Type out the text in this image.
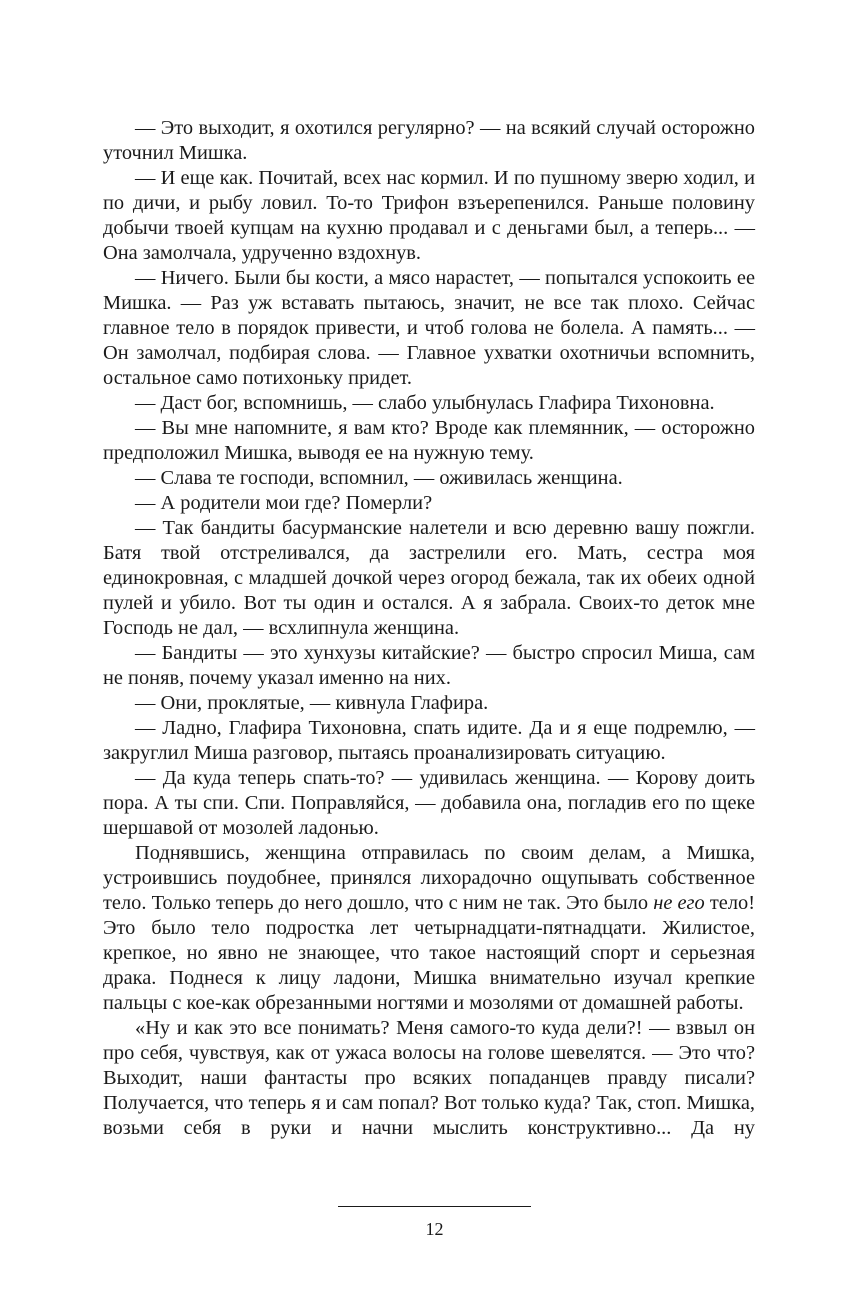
— Это выходит, я охотился регулярно? — на всякий случай осторожно уточнил Мишка.

— И еще как. Почитай, всех нас кормил. И по пушному зверю ходил, и по дичи, и рыбу ловил. То-то Трифон взъерепенился. Раньше половину добычи твоей купцам на кухню продавал и с деньгами был, а теперь... — Она замолчала, удрученно вздохнув.

— Ничего. Были бы кости, а мясо нарастет, — попытался успокоить ее Мишка. — Раз уж вставать пытаюсь, значит, не все так плохо. Сейчас главное тело в порядок привести, и чтоб голова не болела. А память... — Он замолчал, подбирая слова. — Главное ухватки охотничьи вспомнить, остальное само потихоньку придет.

— Даст бог, вспомнишь, — слабо улыбнулась Глафира Тихоновна.

— Вы мне напомните, я вам кто? Вроде как племянник, — осторожно предположил Мишка, выводя ее на нужную тему.

— Слава те господи, вспомнил, — оживилась женщина.

— А родители мои где? Померли?

— Так бандиты басурманские налетели и всю деревню вашу пожгли. Батя твой отстреливался, да застрелили его. Мать, сестра моя единокровная, с младшей дочкой через огород бежала, так их обеих одной пулей и убило. Вот ты один и остался. А я забрала. Своих-то деток мне Господь не дал, — всхлипнула женщина.

— Бандиты — это хунхузы китайские? — быстро спросил Миша, сам не поняв, почему указал именно на них.

— Они, проклятые, — кивнула Глафира.

— Ладно, Глафира Тихоновна, спать идите. Да и я еще подремлю, — закруглил Миша разговор, пытаясь проанализировать ситуацию.

— Да куда теперь спать-то? — удивилась женщина. — Корову доить пора. А ты спи. Спи. Поправляйся, — добавила она, погладив его по щеке шершавой от мозолей ладонью.

Поднявшись, женщина отправилась по своим делам, а Мишка, устроившись поудобнее, принялся лихорадочно ощупывать собственное тело. Только теперь до него дошло, что с ним не так. Это было не его тело! Это было тело подростка лет четырнадцати-пятнадцати. Жилистое, крепкое, но явно не знающее, что такое настоящий спорт и серьезная драка. Поднеся к лицу ладони, Мишка внимательно изучал крепкие пальцы с кое-как обрезанными ногтями и мозолями от домашней работы.

«Ну и как это все понимать? Меня самого-то куда дели?! — взвыл он про себя, чувствуя, как от ужаса волосы на голове шевелятся. — Это что? Выходит, наши фантасты про всяких попаданцев правду писали? Получается, что теперь я и сам попал? Вот только куда? Так, стоп. Мишка, возьми себя в руки и начни мыслить конструктивно... Да ну

12
